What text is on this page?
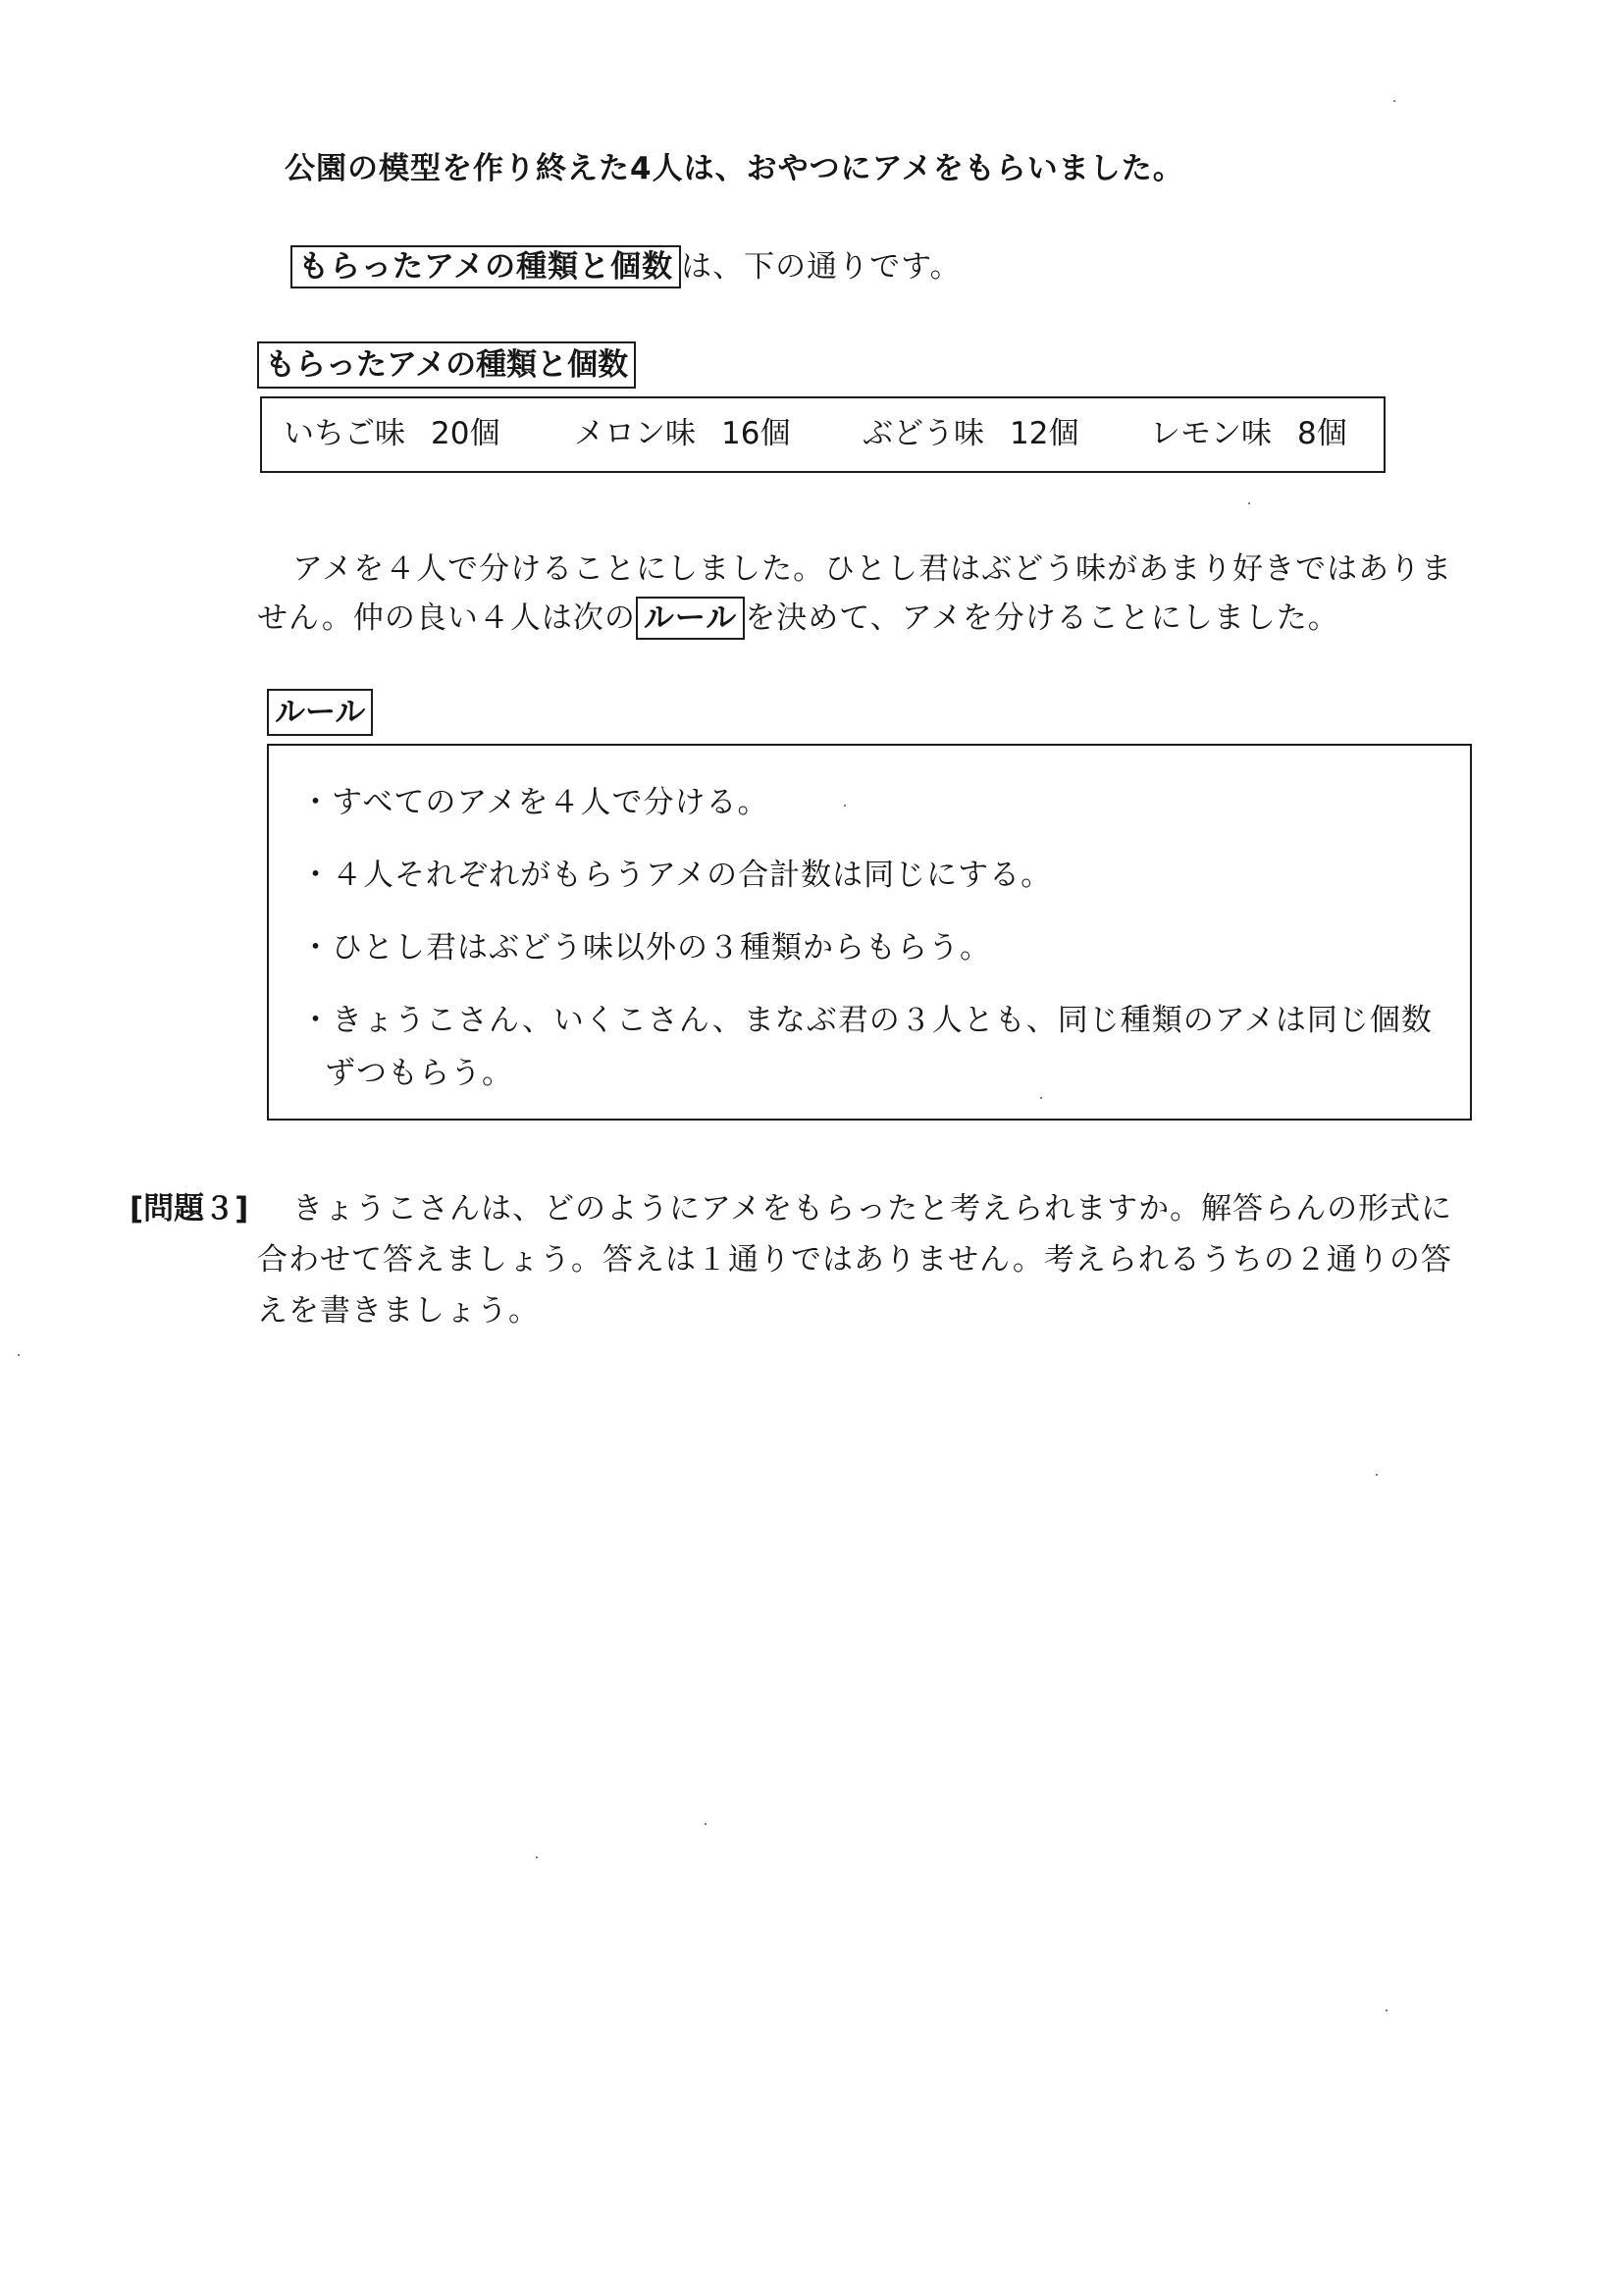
公園の模型を作り終えた4人は、おやつにアメをもらいました。
もらったアメの種類と個数 は、下の通りです。
もらったアメの種類と個数
いちご味 20個 メロン味 16個 ぶどう味 12個 レモン味 8個
アメを４人で分けることにしました。ひとし君はぶどう味があまり好きではありま
せん。仲の良い４人は次の ルール を決めて、アメを分けることにしました。
ルール
・すべてのアメを４人で分ける。
・４人それぞれがもらうアメの合計数は同じにする。
・ひとし君はぶどう味以外の３種類からもらう。
・きょうこさん、いくこさん、まなぶ君の３人とも、同じ種類のアメは同じ個数
ずつもらう。
[問題３] きょうこさんは、どのようにアメをもらったと考えられますか。解答らんの形式に
合わせて答えましょう。答えは１通りではありません。考えられるうちの２通りの答
えを書きましょう。
